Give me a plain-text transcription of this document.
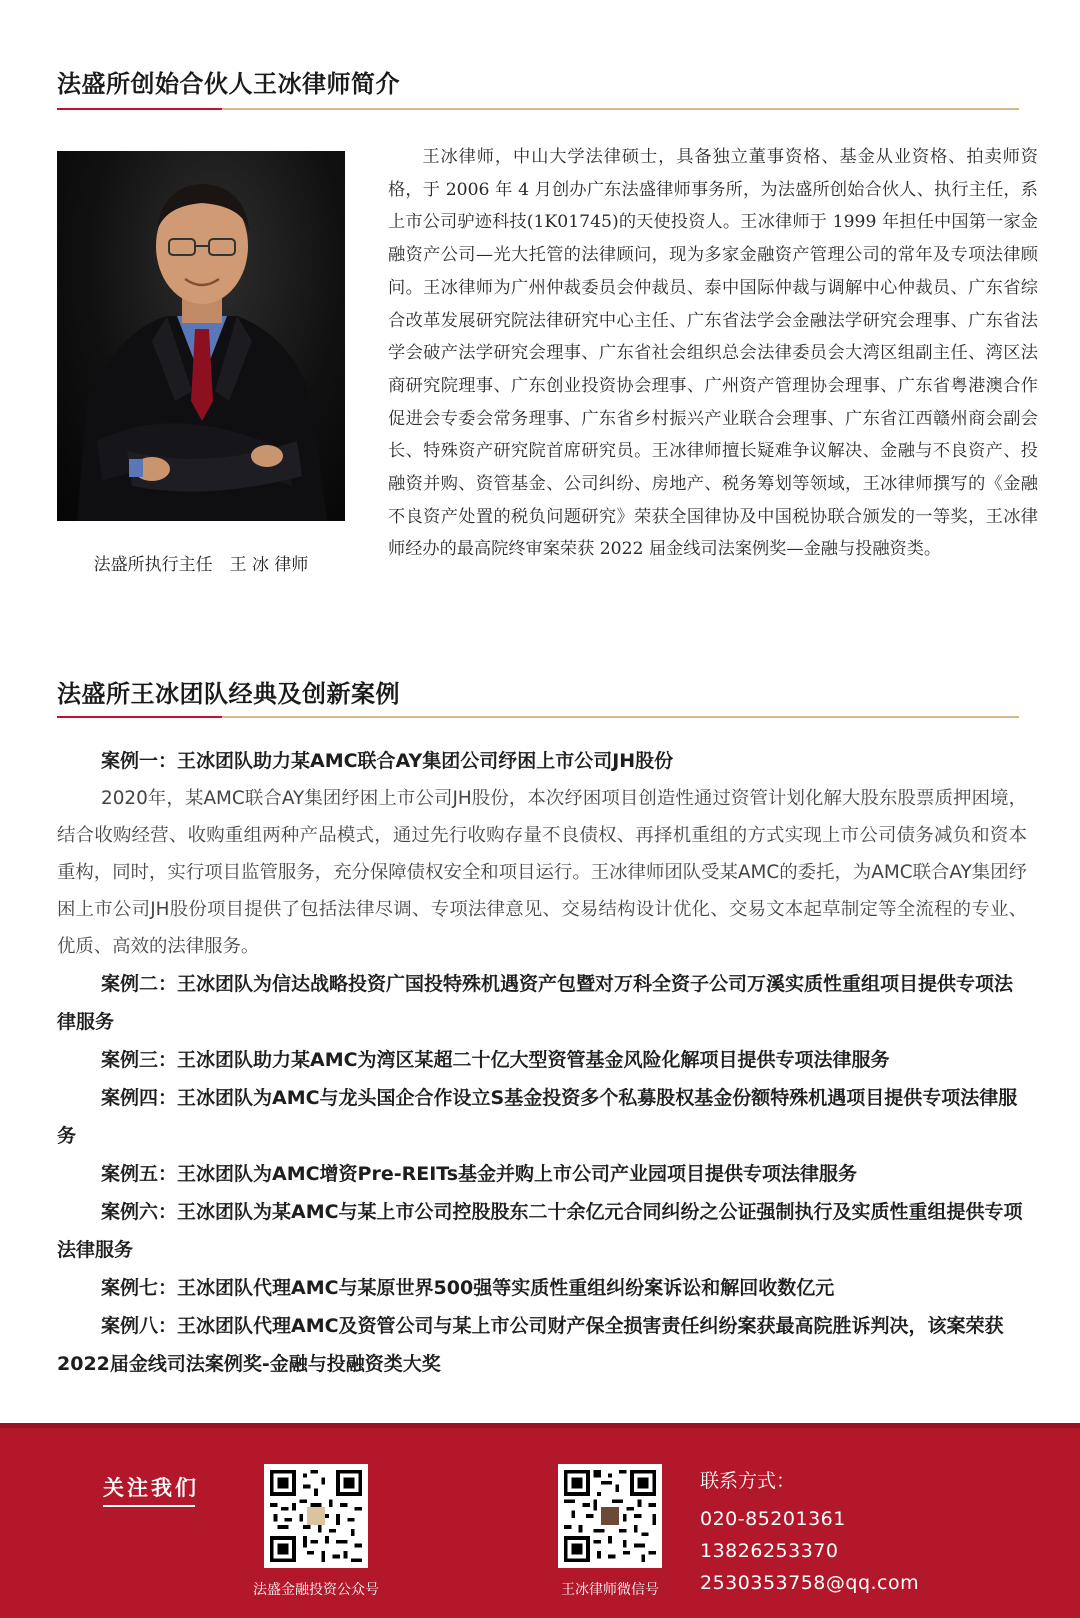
法盛所创始合伙人王冰律师简介
法盛所执行主任　王 冰 律师
王冰律师，中山大学法律硕士，具备独立董事资格、基金从业资格、拍卖师资格，于 2006 年 4 月创办广东法盛律师事务所，为法盛所创始合伙人、执行主任，系上市公司驴迹科技(1K01745)的天使投资人。王冰律师于 1999 年担任中国第一家金融资产公司—光大托管的法律顾问，现为多家金融资产管理公司的常年及专项法律顾问。王冰律师为广州仲裁委员会仲裁员、泰中国际仲裁与调解中心仲裁员、广东省综合改革发展研究院法律研究中心主任、广东省法学会金融法学研究会理事、广东省法学会破产法学研究会理事、广东省社会组织总会法律委员会大湾区组副主任、湾区法商研究院理事、广东创业投资协会理事、广州资产管理协会理事、广东省粤港澳合作促进会专委会常务理事、广东省乡村振兴产业联合会理事、广东省江西赣州商会副会长、特殊资产研究院首席研究员。王冰律师擅长疑难争议解决、金融与不良资产、投融资并购、资管基金、公司纠纷、房地产、税务筹划等领域，王冰律师撰写的《金融不良资产处置的税负问题研究》荣获全国律协及中国税协联合颁发的一等奖，王冰律师经办的最高院终审案荣获 2022 届金线司法案例奖—金融与投融资类。
法盛所王冰团队经典及创新案例
案例一：王冰团队助力某AMC联合AY集团公司纾困上市公司JH股份
2020年，某AMC联合AY集团纾困上市公司JH股份，本次纾困项目创造性通过资管计划化解大股东股票质押困境，结合收购经营、收购重组两种产品模式，通过先行收购存量不良债权、再择机重组的方式实现上市公司债务减负和资本重构，同时，实行项目监管服务，充分保障债权安全和项目运行。王冰律师团队受某AMC的委托，为AMC联合AY集团纾困上市公司JH股份项目提供了包括法律尽调、专项法律意见、交易结构设计优化、交易文本起草制定等全流程的专业、优质、高效的法律服务。
案例二：王冰团队为信达战略投资广国投特殊机遇资产包暨对万科全资子公司万溪实质性重组项目提供专项法律服务
案例三：王冰团队助力某AMC为湾区某超二十亿大型资管基金风险化解项目提供专项法律服务
案例四：王冰团队为AMC与龙头国企合作设立S基金投资多个私募股权基金份额特殊机遇项目提供专项法律服务
案例五：王冰团队为AMC增资Pre-REITs基金并购上市公司产业园项目提供专项法律服务
案例六：王冰团队为某AMC与某上市公司控股股东二十余亿元合同纠纷之公证强制执行及实质性重组提供专项法律服务
案例七：王冰团队代理AMC与某原世界500强等实质性重组纠纷案诉讼和解回收数亿元
案例八：王冰团队代理AMC及资管公司与某上市公司财产保全损害责任纠纷案获最高院胜诉判决，该案荣获2022届金线司法案例奖-金融与投融资类大奖
关注我们
法盛金融投资公众号	王冰律师微信号
联系方式：
020-85201361
13826253370
2530353758@qq.com
